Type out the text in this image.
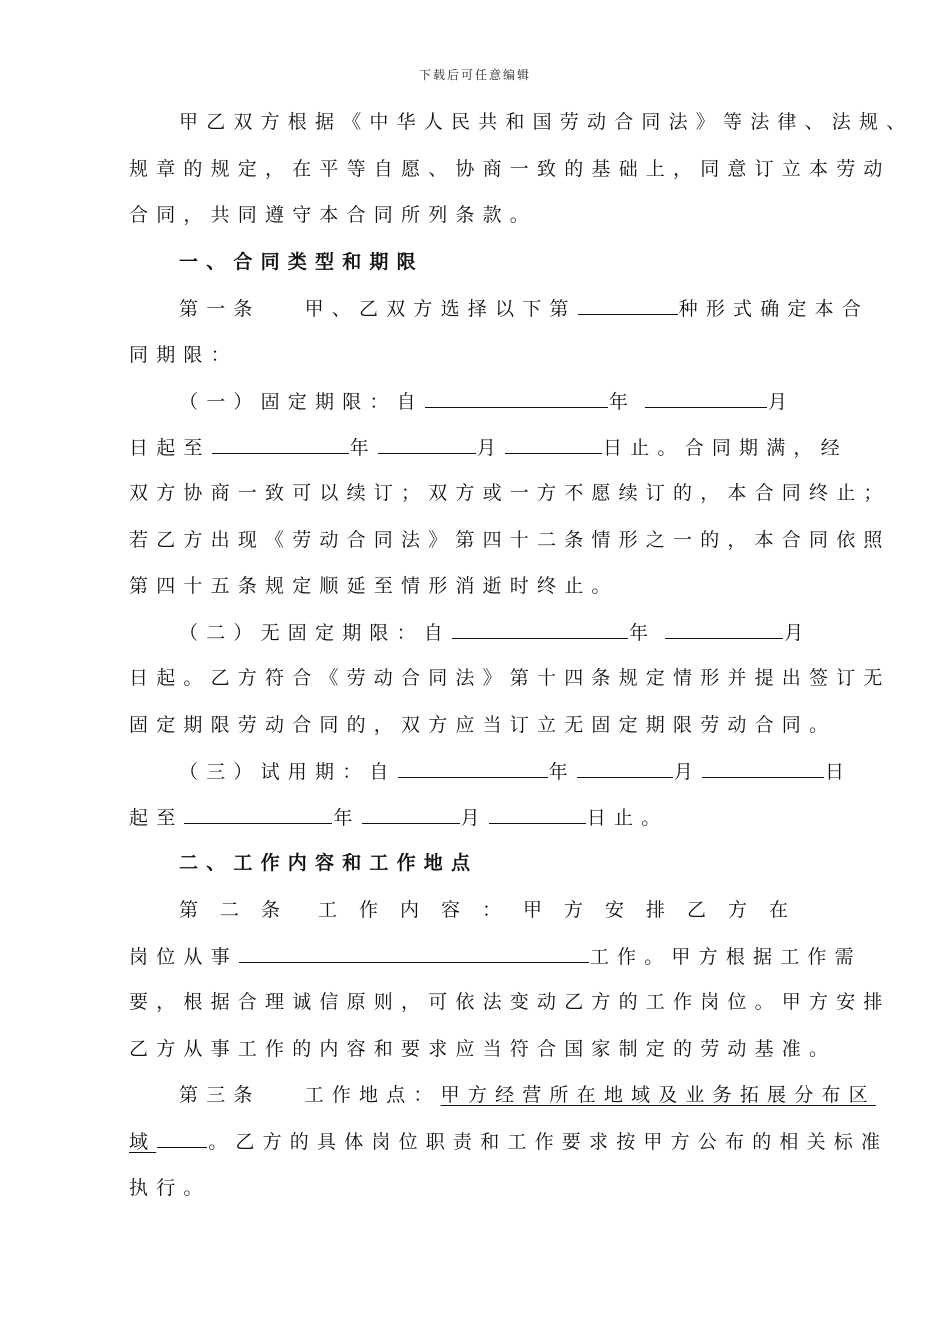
下载后可任意编辑
甲乙双方根据《中华人民共和国劳动合同法》等法律、法规、
规章的规定，在平等自愿、协商一致的基础上，同意订立本劳动
合同，共同遵守本合同所列条款。
一、合同类型和期限
第一条 甲、乙双方选择以下第	种形式确定本合
同期限：
（一）固定期限：自	年	月
日起至	年	月	日止。合同期满，经
双方协商一致可以续订；双方或一方不愿续订的，本合同终止；
若乙方出现《劳动合同法》第四十二条情形之一的，本合同依照
第四十五条规定顺延至情形消逝时终止。
（二）无固定期限：自	年	月
日起。乙方符合《劳动合同法》第十四条规定情形并提出签订无
固定期限劳动合同的，双方应当订立无固定期限劳动合同。
（三）试用期：自	年	月	日
起至	年	月	日止。
二、工作内容和工作地点
第二条 工作内容：甲方安排乙方在
岗位从事	工作。甲方根据工作需
要，根据合理诚信原则，可依法变动乙方的工作岗位。甲方安排
乙方从事工作的内容和要求应当符合国家制定的劳动基准。
第三条 工作地点：甲方经营所在地域及业务拓展分布区
域	。乙方的具体岗位职责和工作要求按甲方公布的相关标准
执行。
